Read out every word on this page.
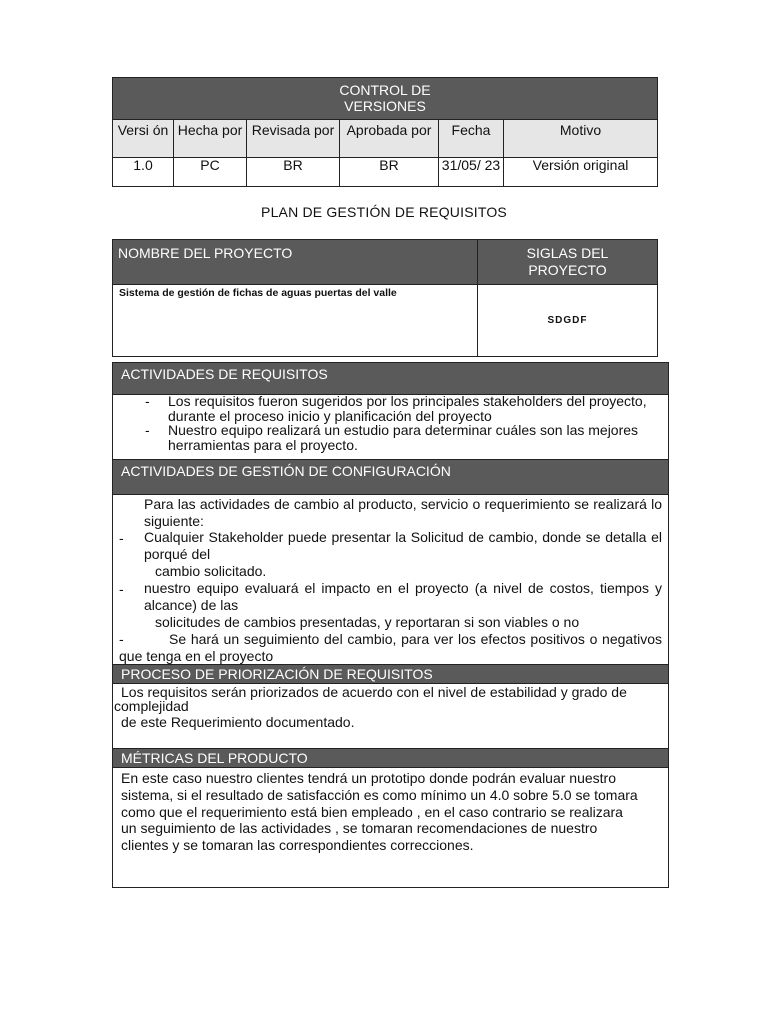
CONTROL DE
VERSIONES					

Versi ón	Hecha por	Revisada por	Aprobada por	Fecha	Motivo
1.0	PC	BR	BR	31/05/ 23	Versión original
PLAN DE GESTIÓN DE REQUISITOS
NOMBRE DEL PROYECTO	SIGLAS DEL
PROYECTO

Sistema de gestión de fichas de aguas puertas del valle	SDGDF
ACTIVIDADES DE REQUISITOS
- Los requisitos fueron sugeridos por los principales stakeholders del proyecto, durante el proceso inicio y planificación del proyecto
- Nuestro equipo realizará un estudio para determinar cuáles son las mejores herramientas para el proyecto.
ACTIVIDADES DE GESTIÓN DE CONFIGURACIÓN
Para las actividades de cambio al producto, servicio o requerimiento se realizará lo siguiente:
- Cualquier Stakeholder puede presentar la Solicitud de cambio, donde se detalla el porqué del
cambio solicitado.
- nuestro equipo evaluará el impacto en el proyecto (a nivel de costos, tiempos y alcance) de las
solicitudes de cambios presentadas, y reportaran si son viables o no
-	Se hará un seguimiento del cambio, para ver los efectos positivos o negativos que tenga en el proyecto
PROCESO DE PRIORIZACIÓN DE REQUISITOS
Los requisitos serán priorizados de acuerdo con el nivel de estabilidad y grado de complejidad
de este Requerimiento documentado.
MÉTRICAS DEL PRODUCTO
En este caso nuestro clientes tendrá un prototipo donde podrán evaluar nuestro sistema, si el resultado de satisfacción es como mínimo un 4.0 sobre 5.0 se tomara como que el requerimiento está bien empleado , en el caso contrario se realizara un seguimiento de las actividades , se tomaran recomendaciones de nuestro clientes y se tomaran las correspondientes correcciones.
